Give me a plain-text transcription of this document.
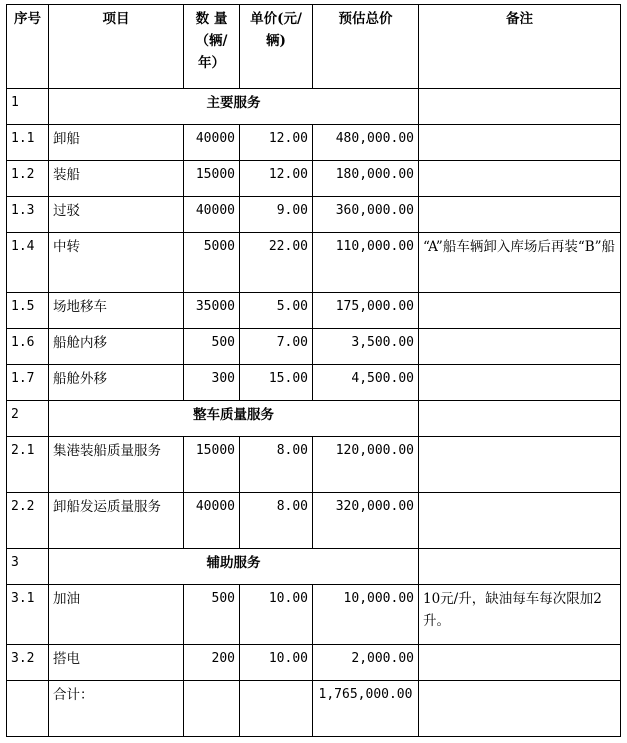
序号	项目	数 量（辆/年）	单价(元/辆)	预估总价	备注
1	主要服务				
1.1	卸船	40000	12.00	480,000.00	
1.2	装船	15000	12.00	180,000.00	
1.3	过驳	40000	9.00	360,000.00	
1.4	中转	5000	22.00	110,000.00	“A”船车辆卸入库场后再装“B”船
1.5	场地移车	35000	5.00	175,000.00	
1.6	船舱内移	500	7.00	3,500.00	
1.7	船舱外移	300	15.00	4,500.00	
2	整车质量服务				
2.1	集港装船质量服务	15000	8.00	120,000.00	
2.2	卸船发运质量服务	40000	8.00	320,000.00	
3	辅助服务				
3.1	加油	500	10.00	10,000.00	10元/升，缺油每车每次限加2升。
3.2	搭电	200	10.00	2,000.00	
	合计：			1,765,000.00	
